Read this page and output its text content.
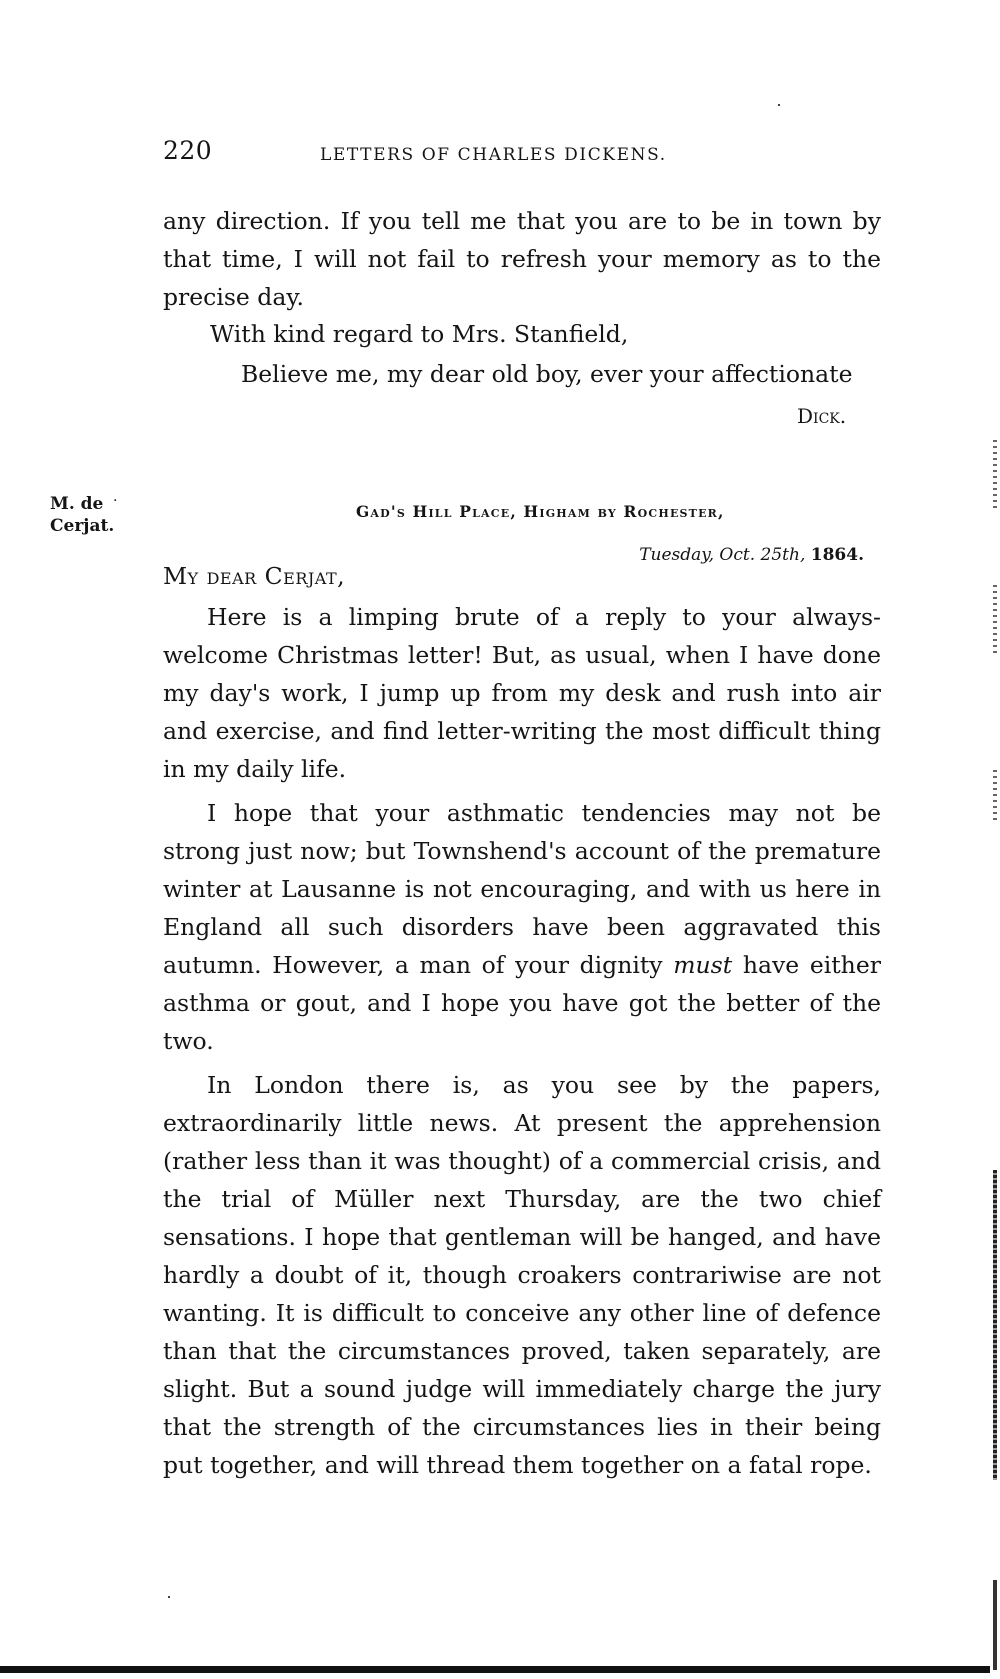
220	LETTERS OF CHARLES DICKENS.

any direction. If you tell me that you are to be in town by that time, I will not fail to refresh your memory as to the precise day.

With kind regard to Mrs. Stanfield,
Believe me, my dear old boy, ever your affectionate
Dick.
M. de
Cerjat.
·
Gad's Hill Place, Higham by Rochester,
Tuesday, Oct. 25th, 1864.
My dear Cerjat,

Here is a limping brute of a reply to your always-welcome Christmas letter! But, as usual, when I have done my day's work, I jump up from my desk and rush into air and exercise, and find letter-writing the most difficult thing in my daily life.

I hope that your asthmatic tendencies may not be strong just now; but Townshend's account of the premature winter at Lausanne is not encouraging, and with us here in England all such disorders have been aggravated this autumn. However, a man of your dignity must have either asthma or gout, and I hope you have got the better of the two.

In London there is, as you see by the papers, extraordinarily little news. At present the apprehension (rather less than it was thought) of a commercial crisis, and the trial of Müller next Thursday, are the two chief sensations. I hope that gentleman will be hanged, and have hardly a doubt of it, though croakers contrariwise are not wanting. It is difficult to conceive any other line of defence than that the circumstances proved, taken separately, are slight. But a sound judge will immediately charge the jury that the strength of the circumstances lies in their being put together, and will thread them together on a fatal rope.
